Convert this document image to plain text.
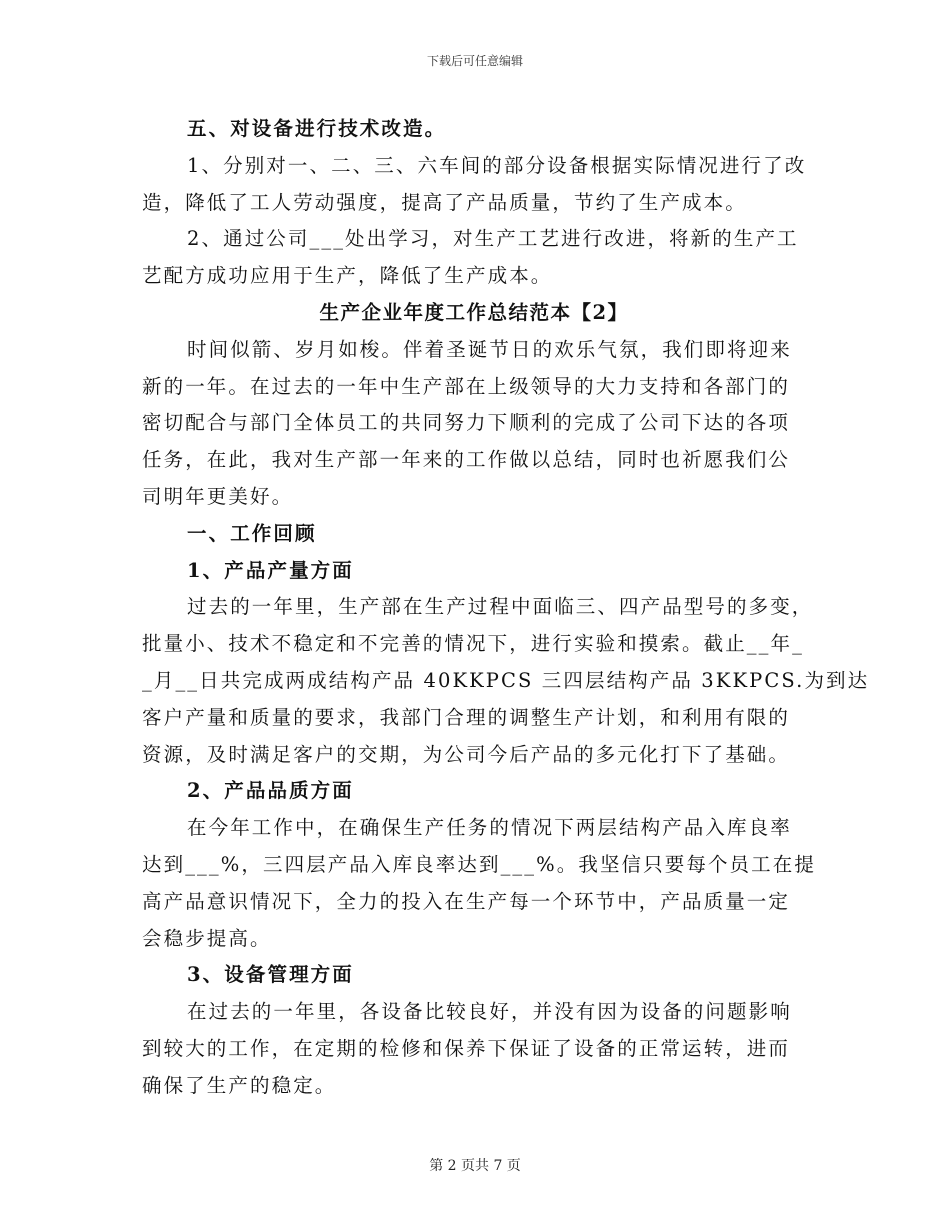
下载后可任意编辑
五、对设备进行技术改造。
1、分别对一、二、三、六车间的部分设备根据实际情况进行了改
造，降低了工人劳动强度，提高了产品质量，节约了生产成本。
2、通过公司___处出学习，对生产工艺进行改进，将新的生产工
艺配方成功应用于生产，降低了生产成本。
生产企业年度工作总结范本【2】
时间似箭、岁月如梭。伴着圣诞节日的欢乐气氛，我们即将迎来
新的一年。在过去的一年中生产部在上级领导的大力支持和各部门的
密切配合与部门全体员工的共同努力下顺利的完成了公司下达的各项
任务，在此，我对生产部一年来的工作做以总结，同时也祈愿我们公
司明年更美好。
一、工作回顾
1、产品产量方面
过去的一年里，生产部在生产过程中面临三、四产品型号的多变，
批量小、技术不稳定和不完善的情况下，进行实验和摸索。截止__年_
_月__日共完成两成结构产品 40KKPCS 三四层结构产品 3KKPCS.为到达
客户产量和质量的要求，我部门合理的调整生产计划，和利用有限的
资源，及时满足客户的交期，为公司今后产品的多元化打下了基础。
2、产品品质方面
在今年工作中，在确保生产任务的情况下两层结构产品入库良率
达到___%，三四层产品入库良率达到___%。我坚信只要每个员工在提
高产品意识情况下，全力的投入在生产每一个环节中，产品质量一定
会稳步提高。
3、设备管理方面
在过去的一年里，各设备比较良好，并没有因为设备的问题影响
到较大的工作，在定期的检修和保养下保证了设备的正常运转，进而
确保了生产的稳定。
第 2 页共 7 页
